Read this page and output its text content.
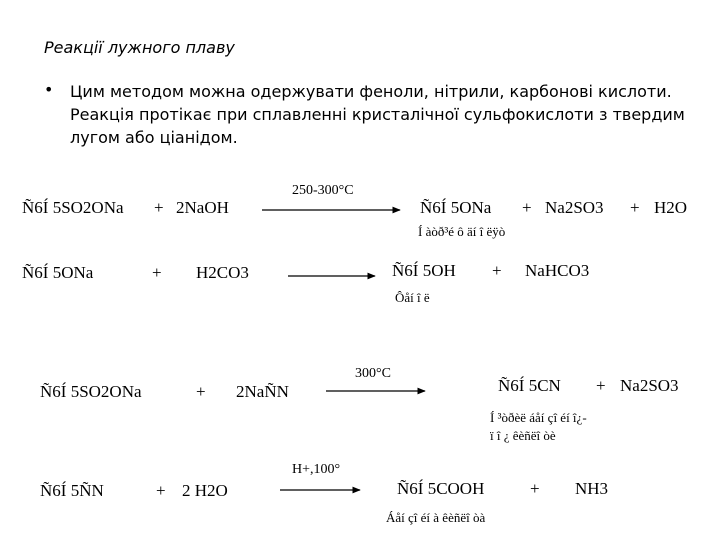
Реакції лужного плаву
• Цим методом можна одержувати феноли, нітрили, карбонові кислоти. Реакція протікає при сплавленні кристалічної сульфокислоти з твердим лугом або ціанідом.
Ñ6Í 5SO2ONa + 2NaOH
250-300°C
Ñ6Í 5ONa + Na2SO3 + H2O
Í àòð³é ô äí î ëÿò
Ñ6Í 5ONa	+ H2CO3	Ñ6Í 5OH + NaHCO3
Ôåí î ë
Ñ6Í 5SO2ONa	+ 2NaÑN
300°C
Ñ6Í 5CN + Na2SO3
Í ³òðèë áåí çî éí î¿-
ï î ¿ êèñëî òè
Ñ6Í 5ÑN	+ 2 H2O
H+,100°
Ñ6Í 5COOH	+ NH3
Áåí çî éí à êèñëî òà
